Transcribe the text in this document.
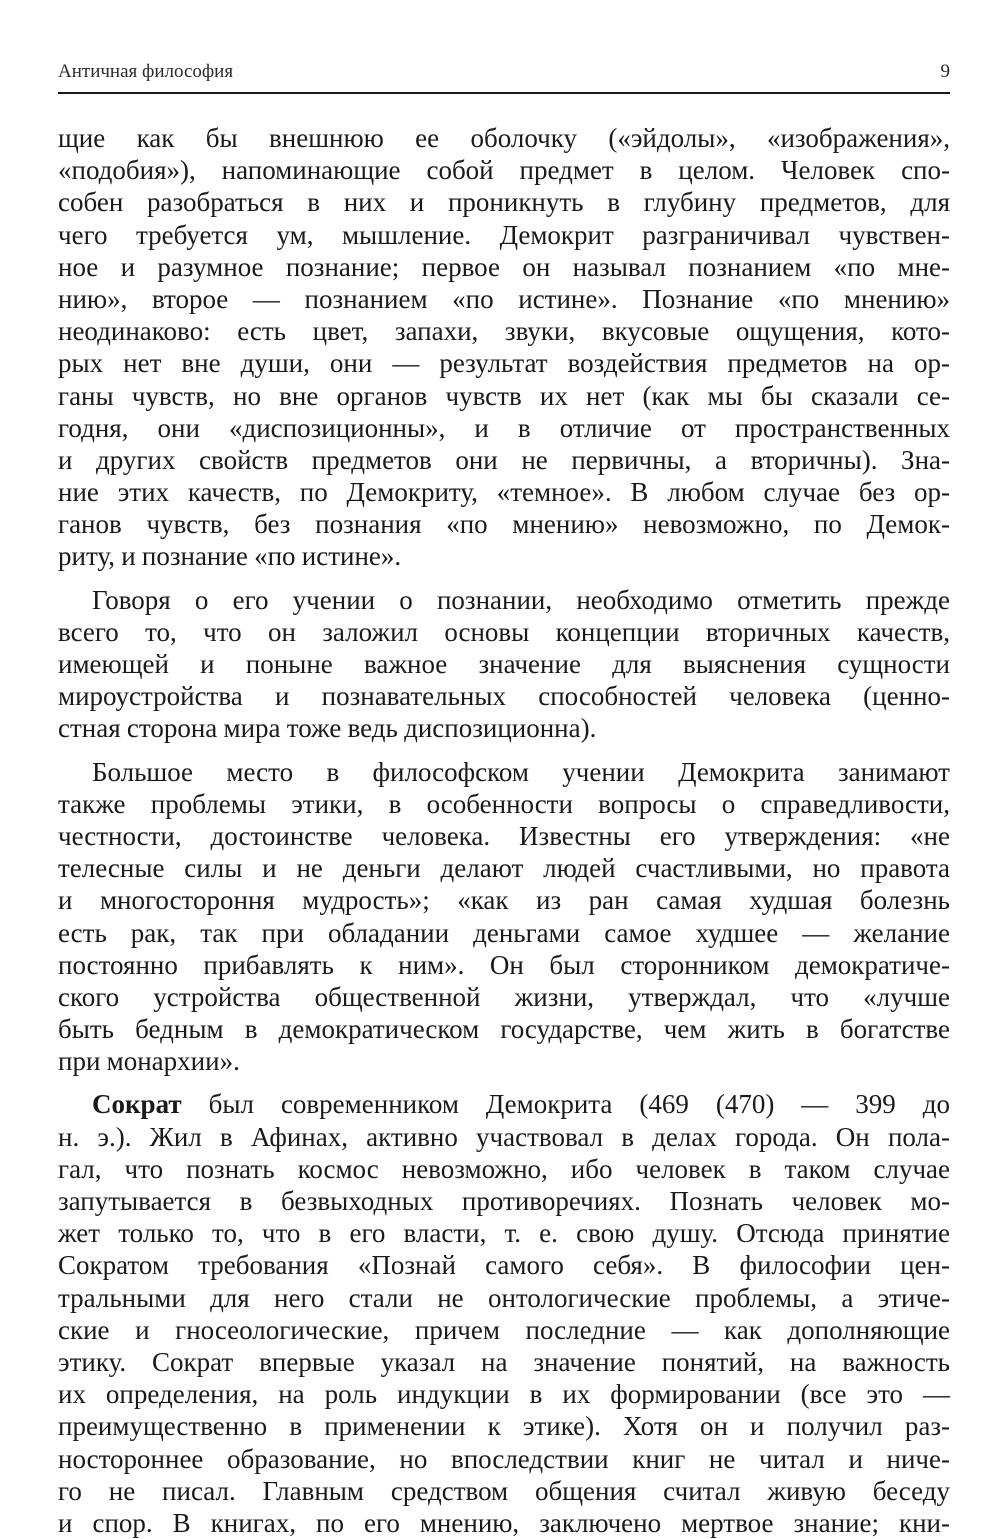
Античная философия	9
щие как бы внешнюю ее оболочку («эйдолы», «изображения»,
«подобия»), напоминающие собой предмет в целом. Человек спо-
собен разобраться в них и проникнуть в глубину предметов, для
чего требуется ум, мышление. Демокрит разграничивал чувствен-
ное и разумное познание; первое он называл познанием «по мне-
нию», второе — познанием «по истине». Познание «по мнению»
неодинаково: есть цвет, запахи, звуки, вкусовые ощущения, кото-
рых нет вне души, они — результат воздействия предметов на ор-
ганы чувств, но вне органов чувств их нет (как мы бы сказали се-
годня, они «диспозиционны», и в отличие от пространственных
и других свойств предметов они не первичны, а вторичны). Зна-
ние этих качеств, по Демокриту, «темное». В любом случае без ор-
ганов чувств, без познания «по мнению» невозможно, по Демок-
риту, и познание «по истине».
Говоря о его учении о познании, необходимо отметить прежде
всего то, что он заложил основы концепции вторичных качеств,
имеющей и поныне важное значение для выяснения сущности
мироустройства и познавательных способностей человека (ценно-
стная сторона мира тоже ведь диспозиционна).
Большое место в философском учении Демокрита занимают
также проблемы этики, в особенности вопросы о справедливости,
честности, достоинстве человека. Известны его утверждения: «не
телесные силы и не деньги делают людей счастливыми, но правота
и многостороння мудрость»; «как из ран самая худшая болезнь
есть рак, так при обладании деньгами самое худшее — желание
постоянно прибавлять к ним». Он был сторонником демократиче-
ского устройства общественной жизни, утверждал, что «лучше
быть бедным в демократическом государстве, чем жить в богатстве
при монархии».
Сократ был современником Демокрита (469 (470) — 399 до
н. э.). Жил в Афинах, активно участвовал в делах города. Он пола-
гал, что познать космос невозможно, ибо человек в таком случае
запутывается в безвыходных противоречиях. Познать человек мо-
жет только то, что в его власти, т. е. свою душу. Отсюда принятие
Сократом требования «Познай самого себя». В философии цен-
тральными для него стали не онтологические проблемы, а этиче-
ские и гносеологические, причем последние — как дополняющие
этику. Сократ впервые указал на значение понятий, на важность
их определения, на роль индукции в их формировании (все это —
преимущественно в применении к этике). Хотя он и получил раз-
ностороннее образование, но впоследствии книг не читал и ниче-
го не писал. Главным средством общения считал живую беседу
и спор. В книгах, по его мнению, заключено мертвое знание; кни-
